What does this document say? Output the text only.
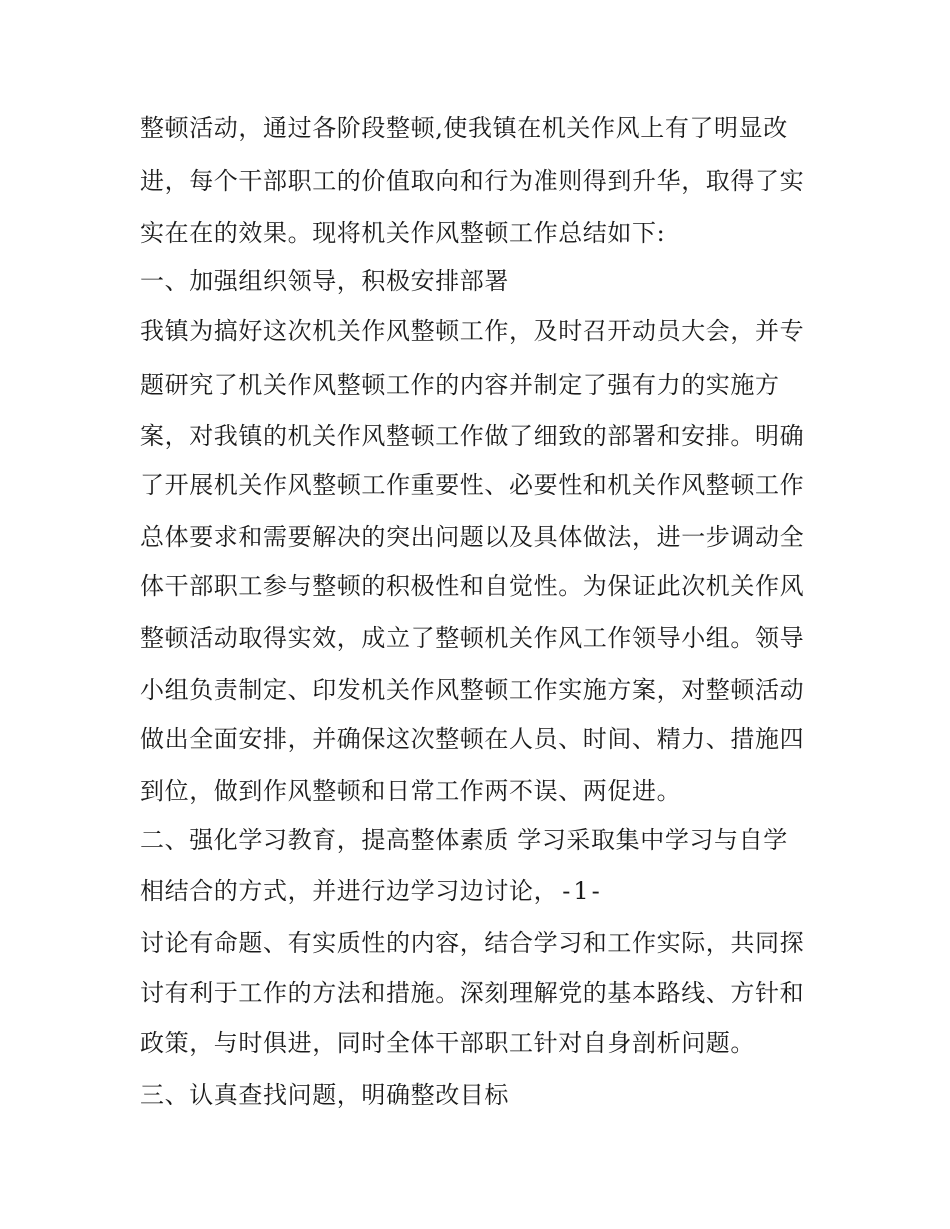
整顿活动，通过各阶段整顿,使我镇在机关作风上有了明显改
进，每个干部职工的价值取向和行为准则得到升华，取得了实
实在在的效果。现将机关作风整顿工作总结如下:
一、加强组织领导，积极安排部署
我镇为搞好这次机关作风整顿工作，及时召开动员大会，并专
题研究了机关作风整顿工作的内容并制定了强有力的实施方
案，对我镇的机关作风整顿工作做了细致的部署和安排。明确
了开展机关作风整顿工作重要性、必要性和机关作风整顿工作
总体要求和需要解决的突出问题以及具体做法，进一步调动全
体干部职工参与整顿的积极性和自觉性。为保证此次机关作风
整顿活动取得实效，成立了整顿机关作风工作领导小组。领导
小组负责制定、印发机关作风整顿工作实施方案，对整顿活动
做出全面安排，并确保这次整顿在人员、时间、精力、措施四
到位，做到作风整顿和日常工作两不误、两促进。
二、强化学习教育，提高整体素质 学习采取集中学习与自学
相结合的方式，并进行边学习边讨论， -1-
讨论有命题、有实质性的内容，结合学习和工作实际，共同探
讨有利于工作的方法和措施。深刻理解党的基本路线、方针和
政策，与时俱进，同时全体干部职工针对自身剖析问题。
三、认真查找问题，明确整改目标
